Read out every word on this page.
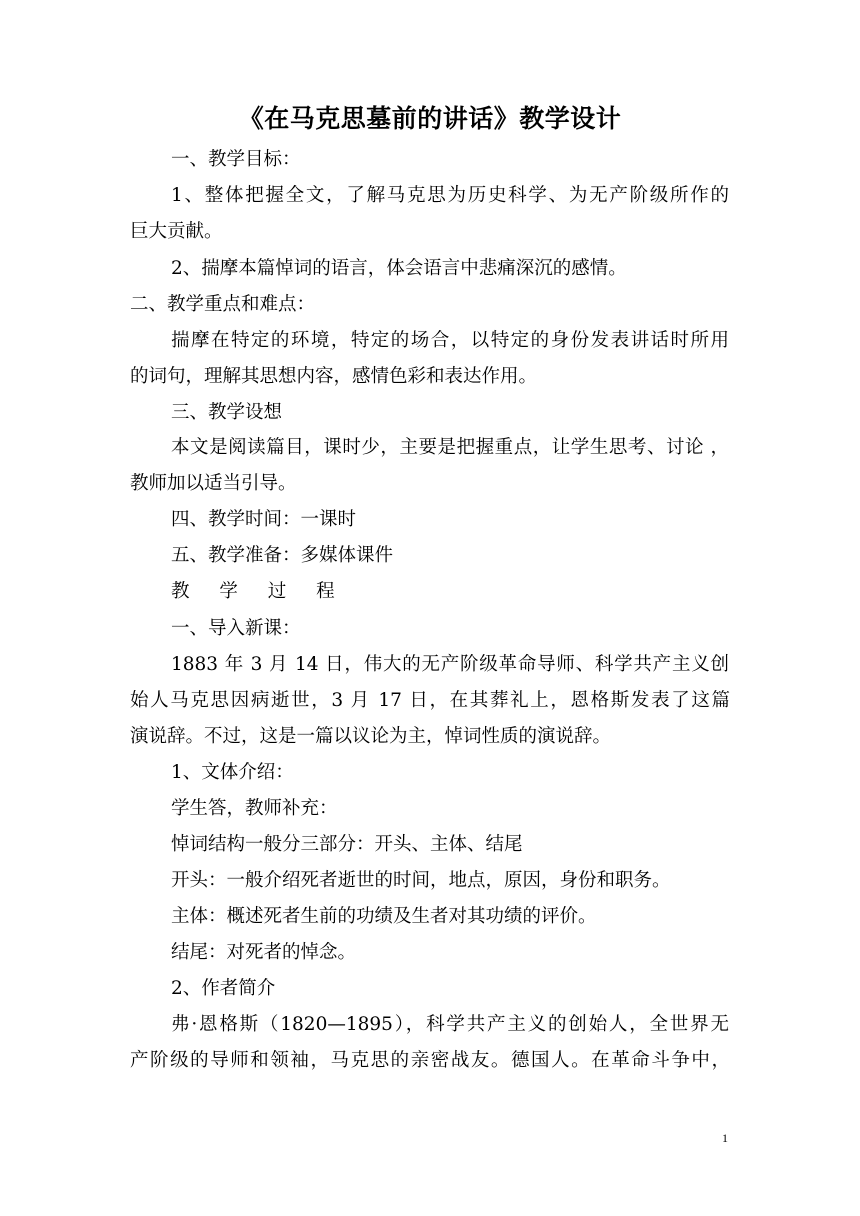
《在马克思墓前的讲话》教学设计
一、教学目标：
1、整体把握全文，了解马克思为历史科学、为无产阶级所作的
巨大贡献。
2、揣摩本篇悼词的语言，体会语言中悲痛深沉的感情。
二、教学重点和难点：
揣摩在特定的环境，特定的场合，以特定的身份发表讲话时所用
的词句，理解其思想内容，感情色彩和表达作用。
三、教学设想
本文是阅读篇目，课时少，主要是把握重点，让学生思考、讨论 ，
教师加以适当引导。
四、教学时间：一课时
五、教学准备：多媒体课件
教 学 过 程
一、导入新课：
1883 年 3 月 14 日，伟大的无产阶级革命导师、科学共产主义创
始人马克思因病逝世，3 月 17 日，在其葬礼上，恩格斯发表了这篇
演说辞。不过，这是一篇以议论为主，悼词性质的演说辞。
1、文体介绍：
学生答，教师补充：
悼词结构一般分三部分：开头、主体、结尾
开头：一般介绍死者逝世的时间，地点，原因，身份和职务。
主体：概述死者生前的功绩及生者对其功绩的评价。
结尾：对死者的悼念。
2、作者简介
弗·恩格斯（1820—1895），科学共产主义的创始人，全世界无
产阶级的导师和领袖，马克思的亲密战友。德国人。在革命斗争中，
1
